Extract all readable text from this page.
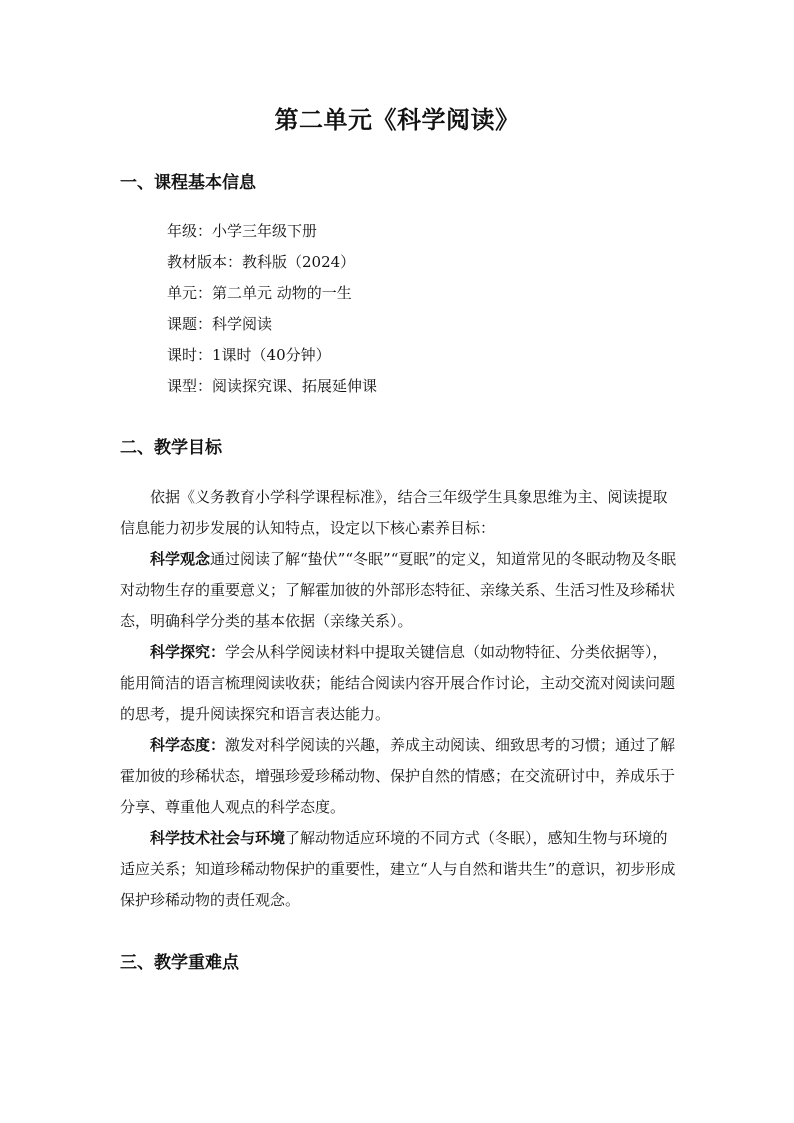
第二单元《科学阅读》
一、课程基本信息
年级：小学三年级下册
教材版本：教科版（2024）
单元：第二单元 动物的一生
课题：科学阅读
课时：1课时（40分钟）
课型：阅读探究课、拓展延伸课
二、教学目标

依据《义务教育小学科学课程标准》，结合三年级学生具象思维为主、阅读提取信息能力初步发展的认知特点，设定以下核心素养目标：

科学观念通过阅读了解“蛰伏”“冬眠”“夏眠”的定义，知道常见的冬眠动物及冬眠对动物生存的重要意义；了解霍加彼的外部形态特征、亲缘关系、生活习性及珍稀状态，明确科学分类的基本依据（亲缘关系）。

科学探究：学会从科学阅读材料中提取关键信息（如动物特征、分类依据等），能用简洁的语言梳理阅读收获；能结合阅读内容开展合作讨论，主动交流对阅读问题的思考，提升阅读探究和语言表达能力。

科学态度：激发对科学阅读的兴趣，养成主动阅读、细致思考的习惯；通过了解霍加彼的珍稀状态，增强珍爱珍稀动物、保护自然的情感；在交流研讨中，养成乐于分享、尊重他人观点的科学态度。

科学技术社会与环境了解动物适应环境的不同方式（冬眠），感知生物与环境的适应关系；知道珍稀动物保护的重要性，建立“人与自然和谐共生”的意识，初步形成保护珍稀动物的责任观念。

三、教学重难点
